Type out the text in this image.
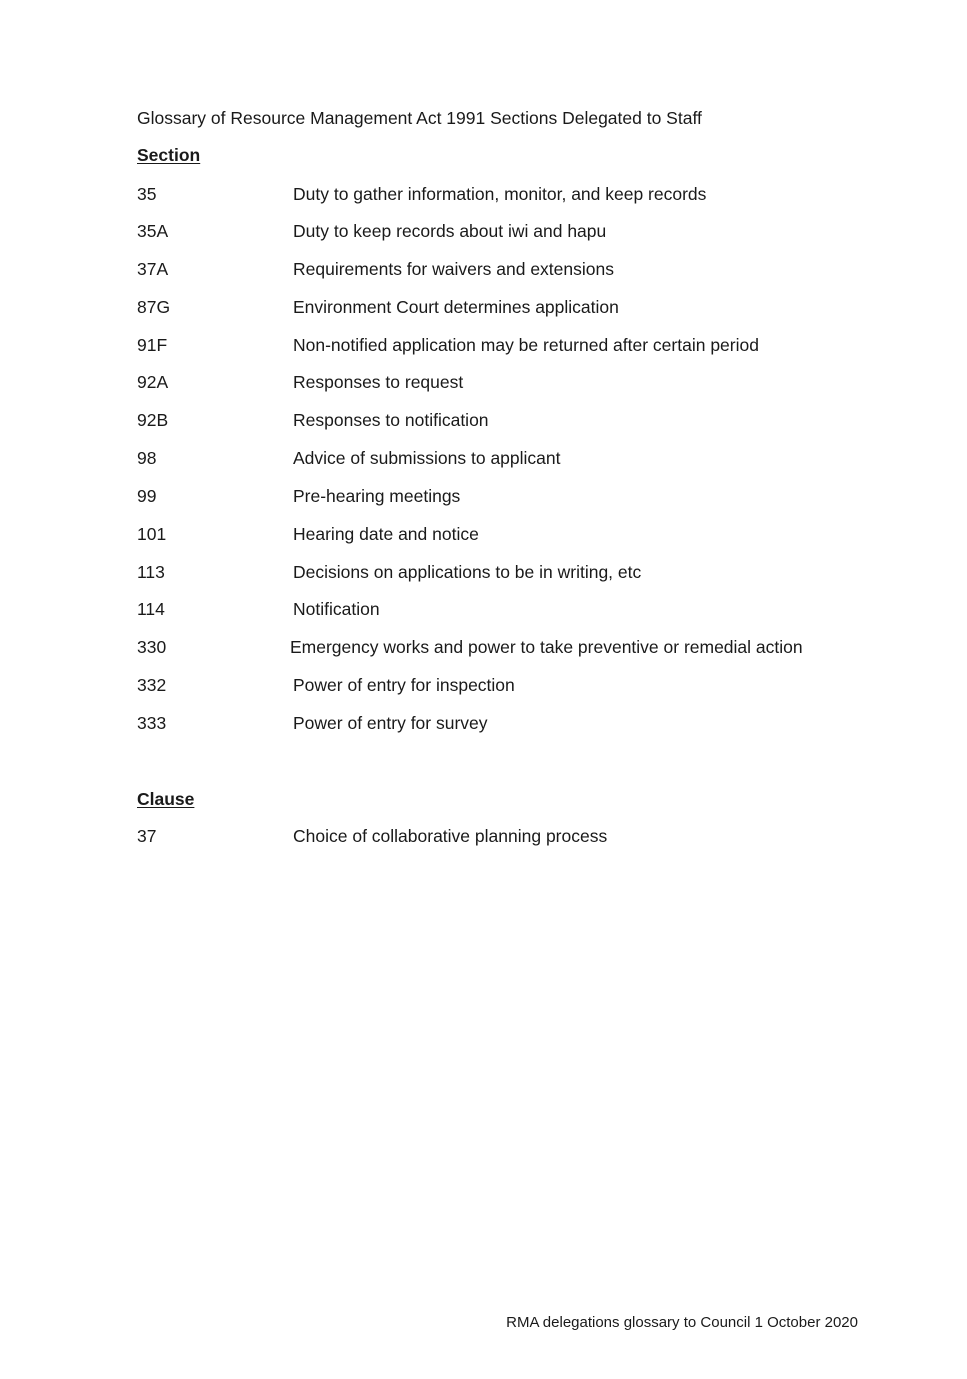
Glossary of Resource Management Act 1991 Sections Delegated to Staff
Section
35	Duty to gather information, monitor, and keep records
35A	Duty to keep records about iwi and hapu
37A	Requirements for waivers and extensions
87G	Environment Court determines application
91F	Non-notified application may be returned after certain period
92A	Responses to request
92B	Responses to notification
98	Advice of submissions to applicant
99	Pre-hearing meetings
101	Hearing date and notice
113	Decisions on applications to be in writing, etc
114	Notification
330	Emergency works and power to take preventive or remedial action
332	Power of entry for inspection
333	Power of entry for survey
Clause
37	Choice of collaborative planning process
RMA delegations glossary to Council 1 October 2020
